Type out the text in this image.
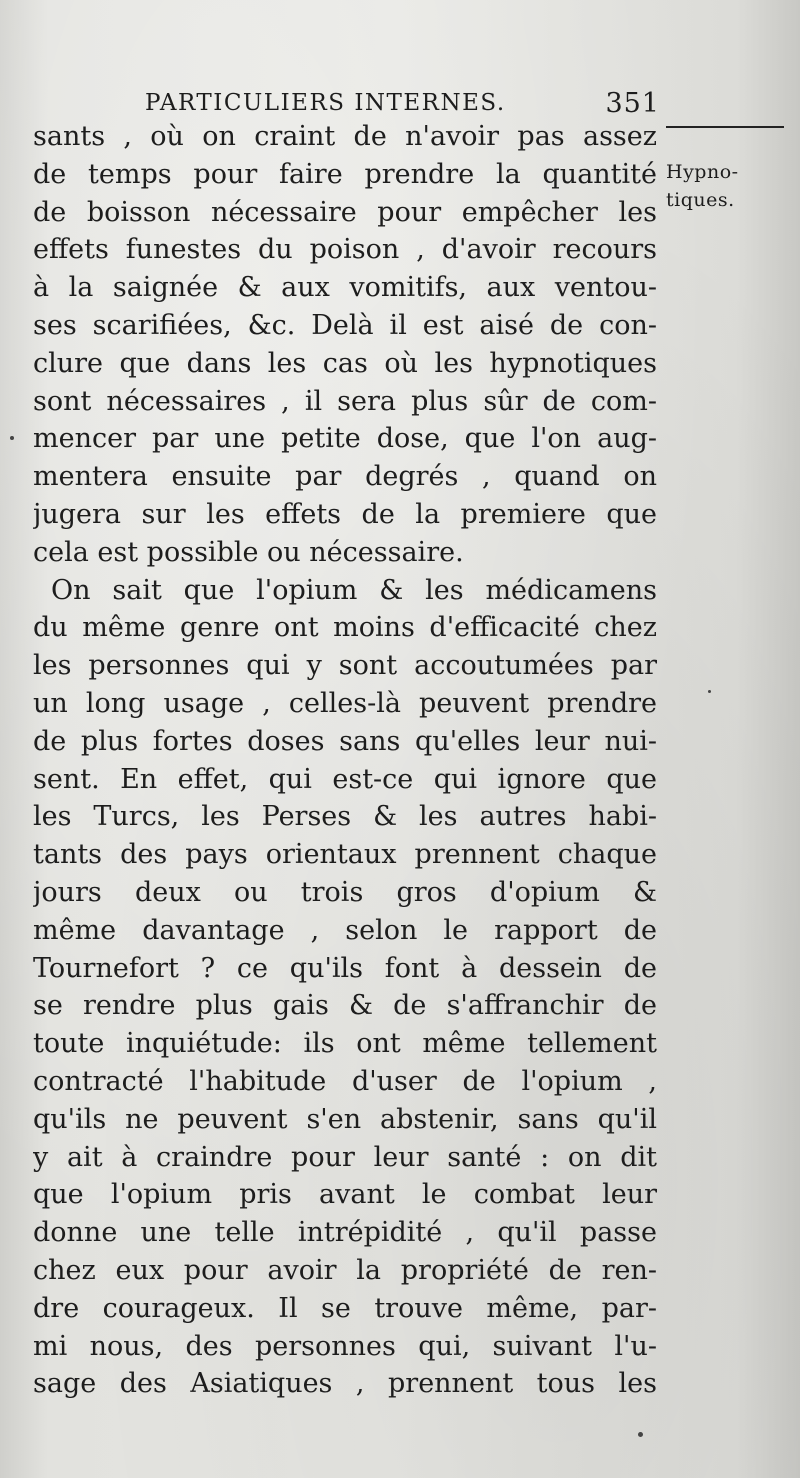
PARTICULIERS INTERNES.	351
Hypno-
tiques.
sants , où on craint de n'avoir pas assez
de temps pour faire prendre la quantité
de boisson nécessaire pour empêcher les
effets funestes du poison , d'avoir recours
à la saignée & aux vomitifs, aux ventou-
ses scarifiées, &c. Delà il est aisé de con-
clure que dans les cas où les hypnotiques
sont nécessaires , il sera plus sûr de com-
mencer par une petite dose, que l'on aug-
mentera ensuite par degrés , quand on
jugera sur les effets de la premiere que
cela est possible ou nécessaire.
On sait que l'opium & les médicamens
du même genre ont moins d'efficacité chez
les personnes qui y sont accoutumées par
un long usage , celles-là peuvent prendre
de plus fortes doses sans qu'elles leur nui-
sent. En effet, qui est-ce qui ignore que
les Turcs, les Perses & les autres habi-
tants des pays orientaux prennent chaque
jours deux ou trois gros d'opium &
même davantage , selon le rapport de
Tournefort ? ce qu'ils font à dessein de
se rendre plus gais & de s'affranchir de
toute inquiétude: ils ont même tellement
contracté l'habitude d'user de l'opium ,
qu'ils ne peuvent s'en abstenir, sans qu'il
y ait à craindre pour leur santé : on dit
que l'opium pris avant le combat leur
donne une telle intrépidité , qu'il passe
chez eux pour avoir la propriété de ren-
dre courageux. Il se trouve même, par-
mi nous, des personnes qui, suivant l'u-
sage des Asiatiques , prennent tous les
